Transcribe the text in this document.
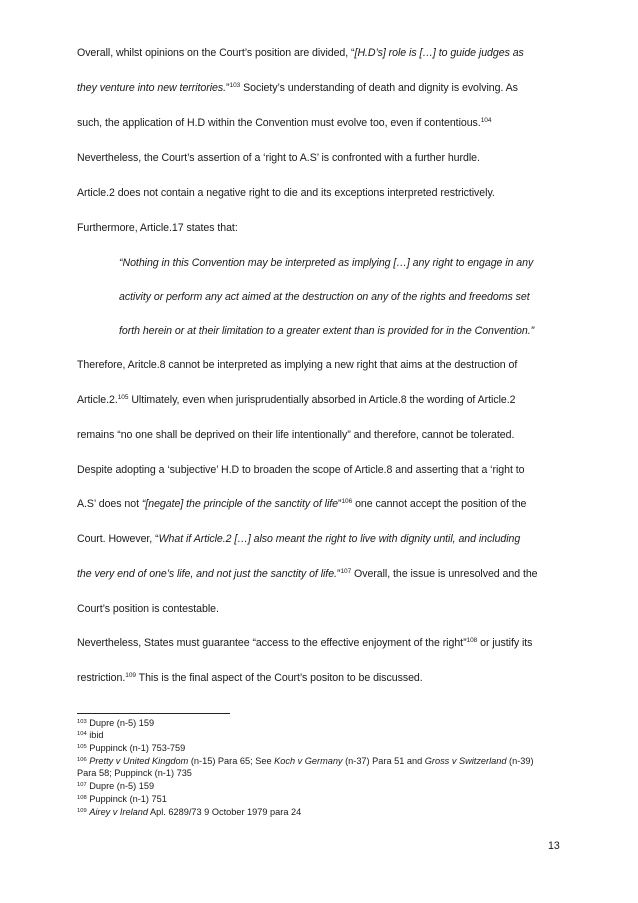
Overall, whilst opinions on the Court’s position are divided, “[H.D’s] role is […] to guide judges as
they venture into new territories.”$^{103}$ Society’s understanding of death and dignity is evolving. As
such, the application of H.D within the Convention must evolve too, even if contentious.$^{104}$
Nevertheless, the Court’s assertion of a ‘right to A.S’ is confronted with a further hurdle.
Article.2 does not contain a negative right to die and its exceptions interpreted restrictively.
Furthermore, Article.17 states that:
“Nothing in this Convention may be interpreted as implying […] any right to engage in any
activity or perform any act aimed at the destruction on any of the rights and freedoms set
forth herein or at their limitation to a greater extent than is provided for in the Convention.”
Therefore, Aritcle.8 cannot be interpreted as implying a new right that aims at the destruction of
Article.2.$^{105}$ Ultimately, even when jurisprudentially absorbed in Article.8 the wording of Article.2
remains “no one shall be deprived on their life intentionally” and therefore, cannot be tolerated.
Despite adopting a ‘subjective’ H.D to broaden the scope of Article.8 and asserting that a ‘right to
A.S’ does not “[negate] the principle of the sanctity of life”$^{106}$ one cannot accept the position of the
Court. However, “What if Article.2 […] also meant the right to live with dignity until, and including
the very end of one’s life, and not just the sanctity of life.”$^{107}$ Overall, the issue is unresolved and the
Court’s position is contestable.
Nevertheless, States must guarantee “access to the effective enjoyment of the right”$^{108}$ or justify its
restriction.$^{109}$ This is the final aspect of the Court’s positon to be discussed.
$^{103}$ Dupre (n-5) 159
$^{104}$ ibid
$^{105}$ Puppinck (n-1) 753-759
$^{106}$ Pretty v United Kingdom (n-15) Para 65; See Koch v Germany (n-37) Para 51 and Gross v Switzerland (n-39)
Para 58; Puppinck (n-1) 735
$^{107}$ Dupre (n-5) 159
$^{108}$ Puppinck (n-1) 751
$^{109}$ Airey v Ireland Apl. 6289/73 9 October 1979 para 24
13
